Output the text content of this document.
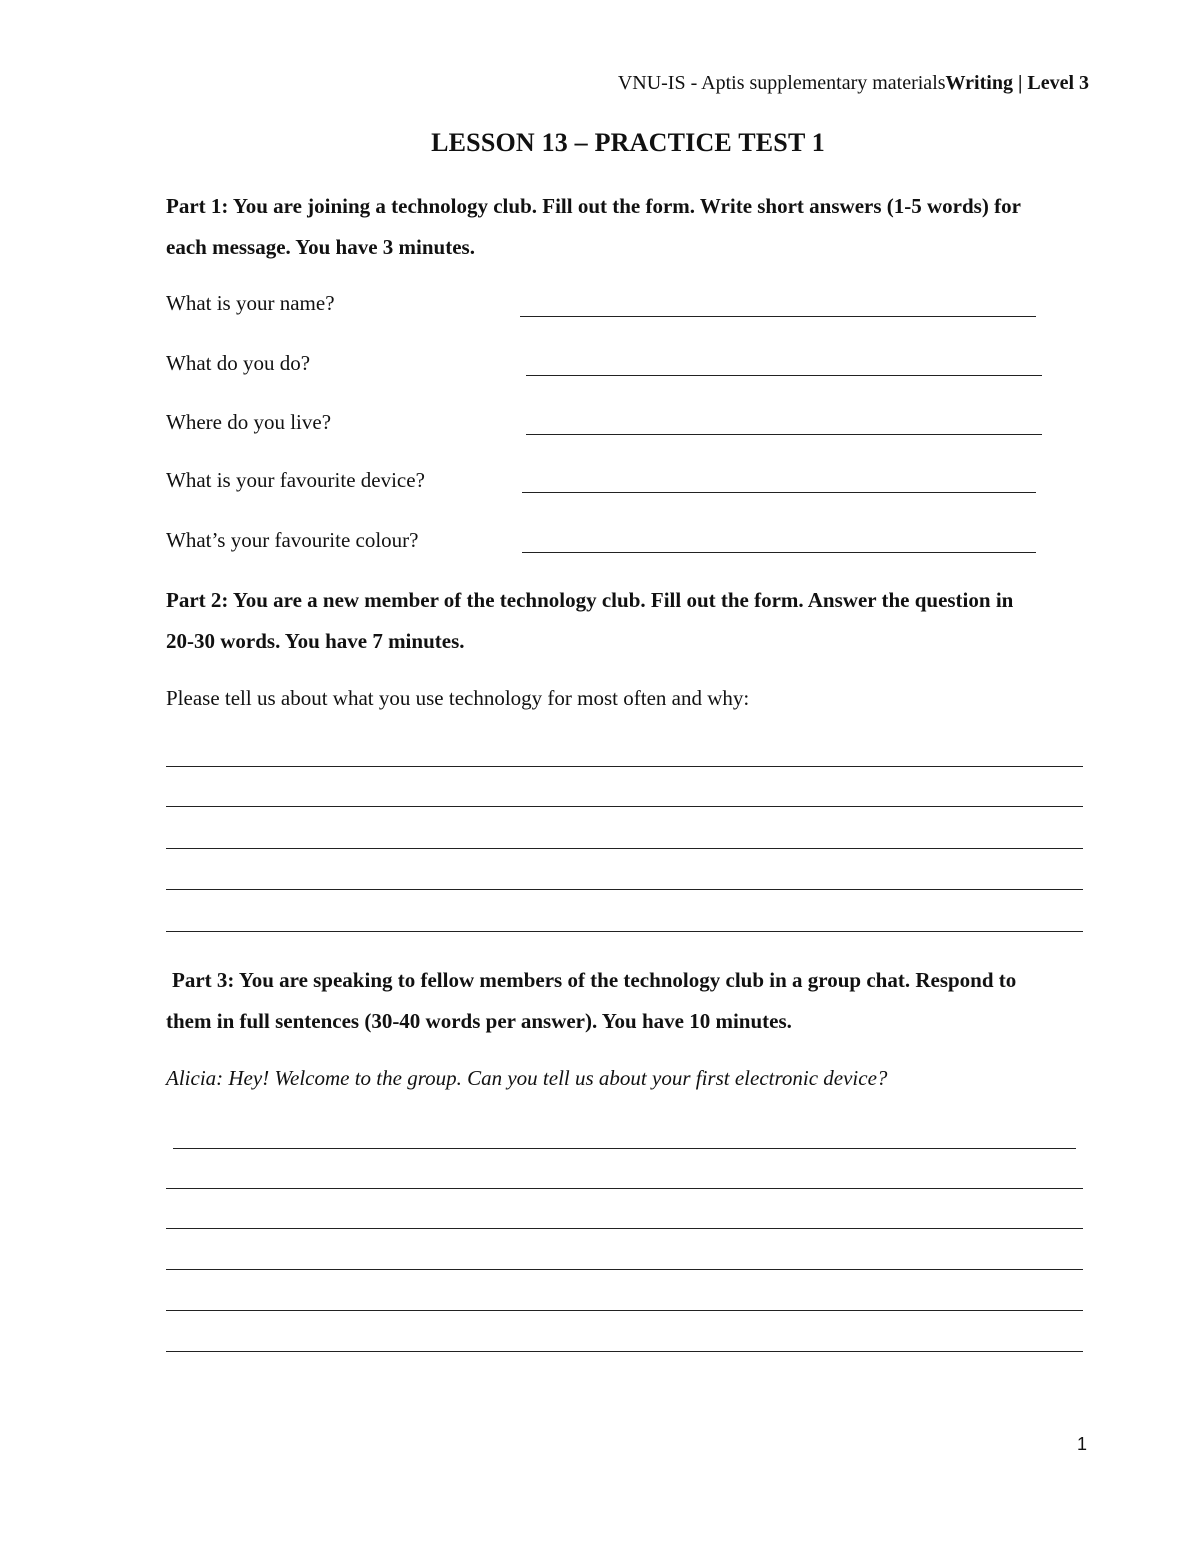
VNU-IS - Aptis supplementary materialsWriting | Level 3
LESSON 13 – PRACTICE TEST 1
Part 1: You are joining a technology club. Fill out the form. Write short answers (1-5 words) for each message. You have 3 minutes.
What is your name?
What do you do?
Where do you live?
What is your favourite device?
What’s your favourite colour?
Part 2: You are a new member of the technology club. Fill out the form. Answer the question in 20-30 words. You have 7 minutes.
Please tell us about what you use technology for most often and why:
Part 3: You are speaking to fellow members of the technology club in a group chat. Respond to them in full sentences (30-40 words per answer). You have 10 minutes.
Alicia: Hey! Welcome to the group. Can you tell us about your first electronic device?
1
